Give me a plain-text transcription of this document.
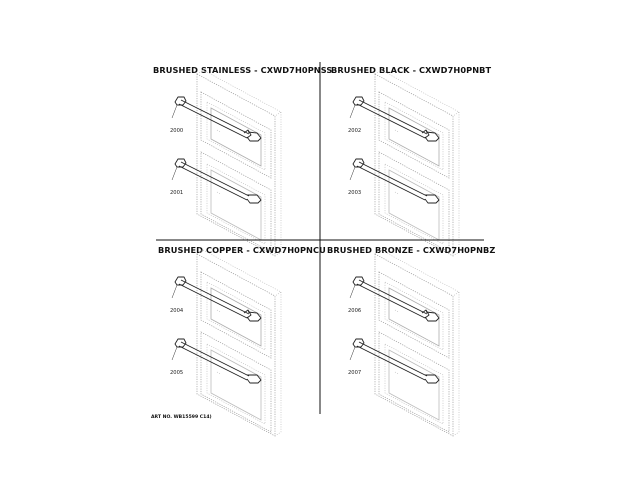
BRUSHED STAINLESS - CXWD7H0PNSS
2000
2001
BRUSHED BLACK - CXWD7H0PNBT
2002
2003
BRUSHED COPPER - CXWD7H0PNCU
2004
2005
BRUSHED BRONZE - CXWD7H0PNBZ
2006
2007
ART NO. WB15599 C14)
